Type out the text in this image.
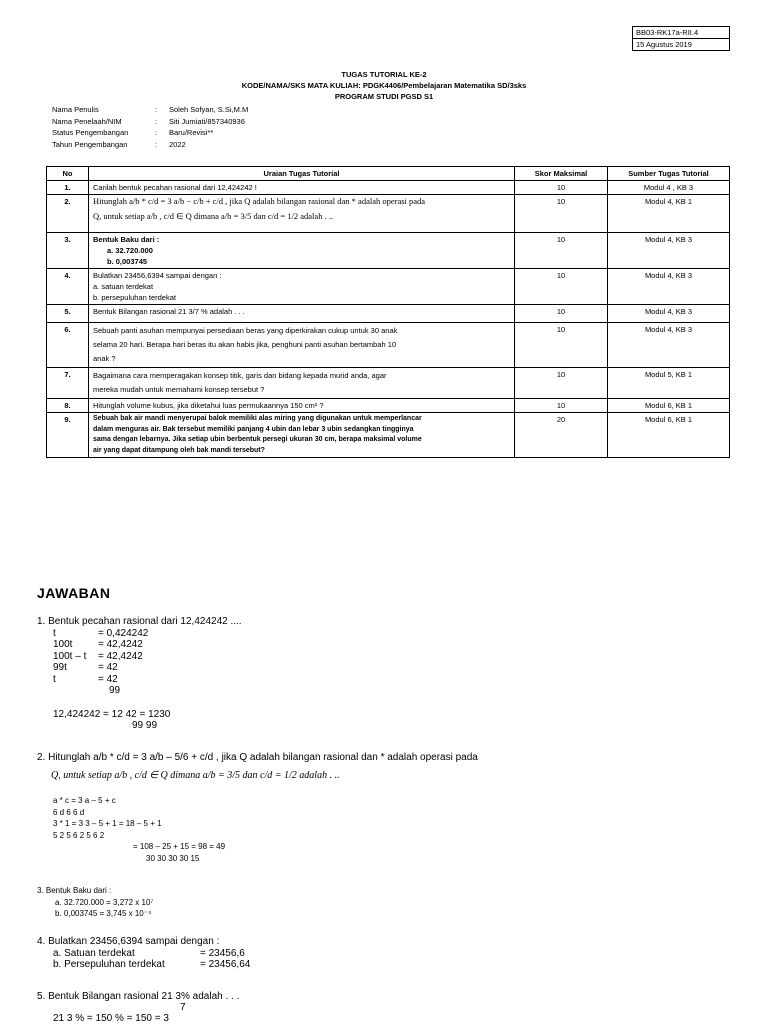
BB03-RK17a-RII.4
15 Agustus 2019
TUGAS TUTORIAL KE-2
KODE/NAMA/SKS MATA KULIAH: PDGK4406/Pembelajaran Matematika SD/3sks
PROGRAM STUDI PGSD S1
Nama Penulis	:	Soleh Sofyan, S.Si,M.M
Nama Penelaah/NIM	:	Siti Jumiati/857340936
Status Pengembangan	:	Baru/Revisi**
Tahun Pengembangan	:	2022
No	Uraian Tugas Tutorial	Skor Maksimal	Sumber Tugas Tutorial
1.	Carilah bentuk pecahan rasional dari 12,424242 !	10	Modul 4 , KB 3
2.	Hitunglah a/b * c/d = 3 a/b − c/b + c/d , jika Q adalah bilangan rasional dan * adalah operasi pada
Q, untuk setiap a/b , c/d ∈ Q dimana a/b = 3/5 dan c/d = 1/2 adalah . ..	10	Modul 4, KB 1
3.	Bentuk Baku dari :
a. 32.720.000
b. 0,003745	10	Modul 4, KB 3
4.	Bulatkan 23456,6394 sampai dengan :
a. satuan terdekat
b. persepuluhan terdekat	10	Modul 4, KB 3
5.	Bentuk Bilangan rasional 21 3/7 % adalah . . .	10	Modul 4, KB 3
6.	Sebuah panti asuhan mempunyai persediaan beras yang diperkirakan cukup untuk 30 anak
selama 20 hari. Berapa hari beras itu akan habis jika, penghuni panti asuhan bertambah 10
anak ?	10	Modul 4, KB 3
7.	Bagaimana cara memperagakan konsep titik, garis dan bidang kepada murid anda, agar
mereka mudah untuk memahami konsep tersebut ?	10	Modul 5, KB 1
8.	Hitunglah volume kubus, jika diketahui luas permukaannya 150 cm² ?	10	Modul 6, KB 1
9.	Sebuah bak air mandi menyerupai balok memiliki alas miring yang digunakan untuk memperlancar
dalam menguras air. Bak tersebut memiliki panjang 4 ubin dan lebar 3 ubin sedangkan tingginya
sama dengan lebarnya. Jika setiap ubin berbentuk persegi ukuran 30 cm, berapa maksimal volume
air yang dapat ditampung oleh bak mandi tersebut?	20	Modul 6, KB 1
JAWABAN
1. Bentuk pecahan rasional dari 12,424242 ....
t	= 0,424242
100t	= 42,4242
100t – t = 42,4242
99t	= 42
t	= 42
99
12,424242 = 12 42 = 1230
99 99
2. Hitunglah a/b * c/d = 3 a/b – 5/6 + c/d , jika Q adalah bilangan rasional dan * adalah operasi pada
Q, untuk setiap a/b , c/d ∈ Q dimana a/b = 3/5 dan c/d = 1/2 adalah . ..
a * c = 3 a – 5 + c
6 d 6 6 d
3 * 1 = 3 3 – 5 + 1 = 18 – 5 + 1
5 2 5 6 2 5 6 2
= 108 – 25 + 15 = 98 = 49
30 30 30 30 15
3. Bentuk Baku dari :
a. 32.720.000 = 3,272 x 10⁷
b. 0,003745 = 3,745 x 10⁻⁴
4. Bulatkan 23456,6394 sampai dengan :
a. Satuan terdekat	= 23456,6
b. Persepuluhan terdekat	= 23456,64
5. Bentuk Bilangan rasional 21 3% adalah . . .
7
21 3 % = 150 % = 150 = 3
